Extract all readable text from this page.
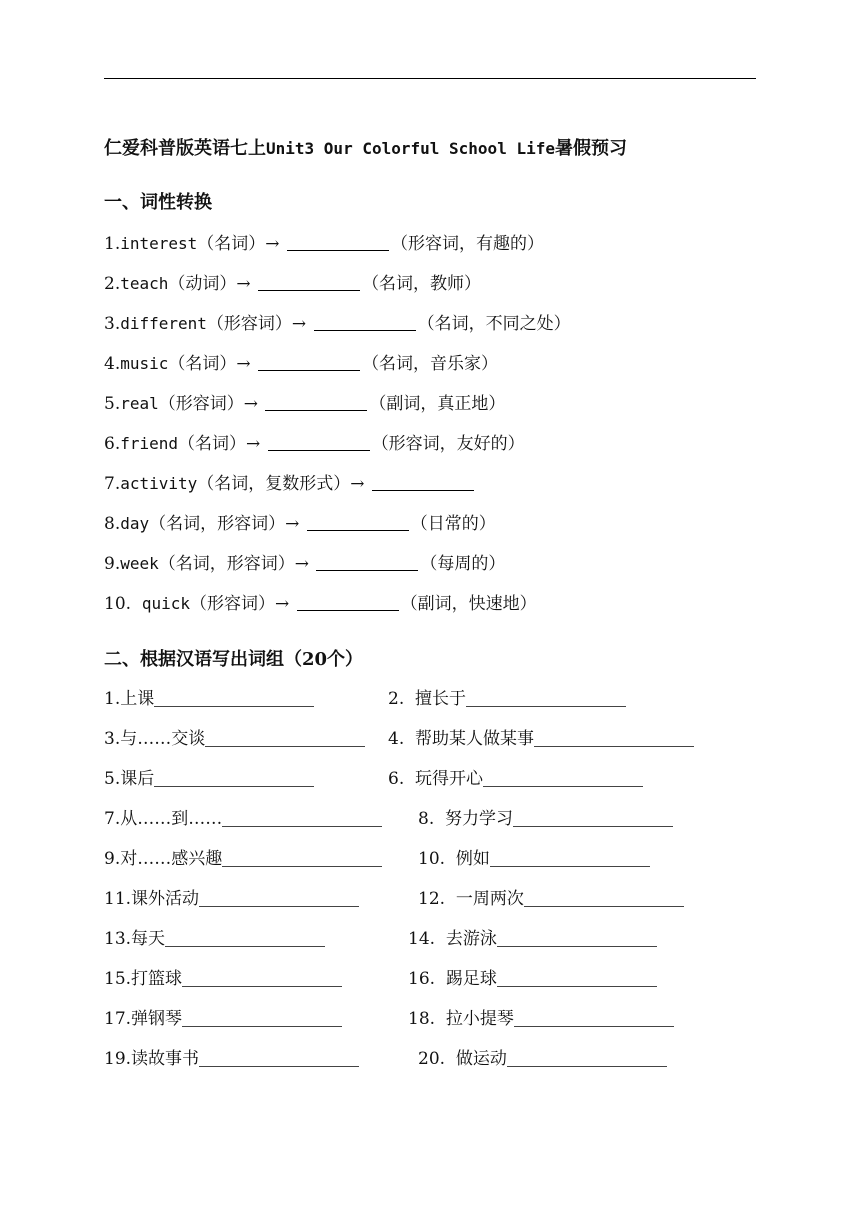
仁爱科普版英语七上Unit3 Our Colorful School Life暑假预习
一、词性转换
1.interest（名词）→	（形容词，有趣的）
2.teach（动词）→	（名词，教师）
3.different（形容词）→	（名词，不同之处）
4.music（名词）→	（名词，音乐家）
5.real（形容词）→	（副词，真正地）
6.friend（名词）→	（形容词，友好的）
7.activity（名词，复数形式）→
8.day（名词，形容词）→	（日常的）
9.week（名词，形容词）→	（每周的）
10.  quick（形容词）→	（副词，快速地）
二、根据汉语写出词组（20个）
1.上课	2.  擅长于
3.与……交谈	4.  帮助某人做某事
5.课后	6.  玩得开心
7.从……到……	8.  努力学习
9.对……感兴趣	10.  例如
11.课外活动	12.  一周两次
13.每天	14.  去游泳
15.打篮球	16.  踢足球
17.弹钢琴	18.  拉小提琴
19.读故事书	20.  做运动
